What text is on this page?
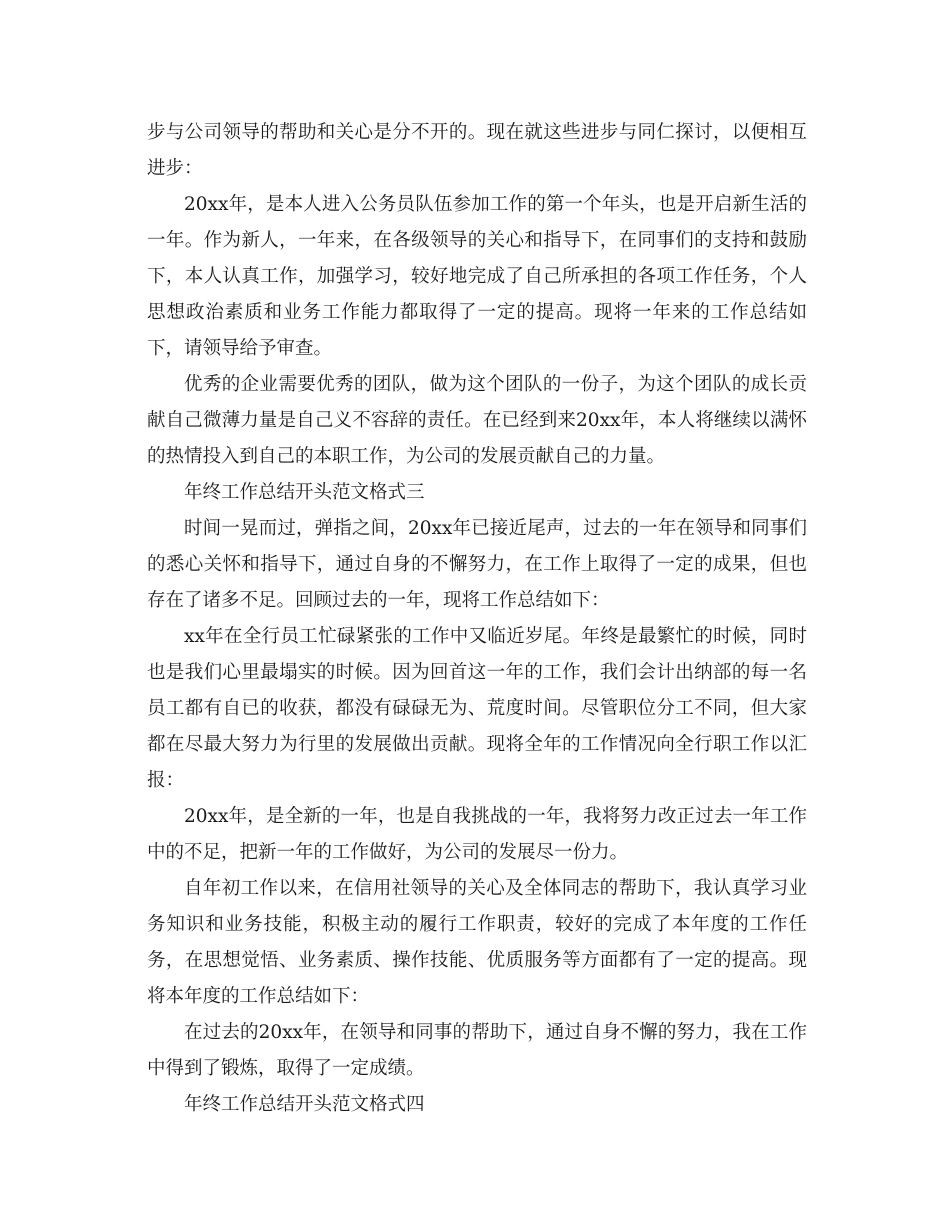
步与公司领导的帮助和关心是分不开的。现在就这些进步与同仁探讨，以便相互进步：

20xx年，是本人进入公务员队伍参加工作的第一个年头，也是开启新生活的一年。作为新人，一年来，在各级领导的关心和指导下，在同事们的支持和鼓励下，本人认真工作，加强学习，较好地完成了自己所承担的各项工作任务，个人思想政治素质和业务工作能力都取得了一定的提高。现将一年来的工作总结如下，请领导给予审查。

优秀的企业需要优秀的团队，做为这个团队的一份子，为这个团队的成长贡献自己微薄力量是自己义不容辞的责任。在已经到来20xx年，本人将继续以满怀的热情投入到自己的本职工作，为公司的发展贡献自己的力量。

年终工作总结开头范文格式三

时间一晃而过，弹指之间，20xx年已接近尾声，过去的一年在领导和同事们的悉心关怀和指导下，通过自身的不懈努力，在工作上取得了一定的成果，但也存在了诸多不足。回顾过去的一年，现将工作总结如下：

xx年在全行员工忙碌紧张的工作中又临近岁尾。年终是最繁忙的时候，同时也是我们心里最塌实的时候。因为回首这一年的工作，我们会计出纳部的每一名员工都有自已的收获，都没有碌碌无为、荒度时间。尽管职位分工不同，但大家都在尽最大努力为行里的发展做出贡献。现将全年的工作情况向全行职工作以汇报：

20xx年，是全新的一年，也是自我挑战的一年，我将努力改正过去一年工作中的不足，把新一年的工作做好，为公司的发展尽一份力。

自年初工作以来，在信用社领导的关心及全体同志的帮助下，我认真学习业务知识和业务技能，积极主动的履行工作职责，较好的完成了本年度的工作任务，在思想觉悟、业务素质、操作技能、优质服务等方面都有了一定的提高。现将本年度的工作总结如下：

在过去的20xx年，在领导和同事的帮助下，通过自身不懈的努力，我在工作中得到了锻炼，取得了一定成绩。

年终工作总结开头范文格式四
